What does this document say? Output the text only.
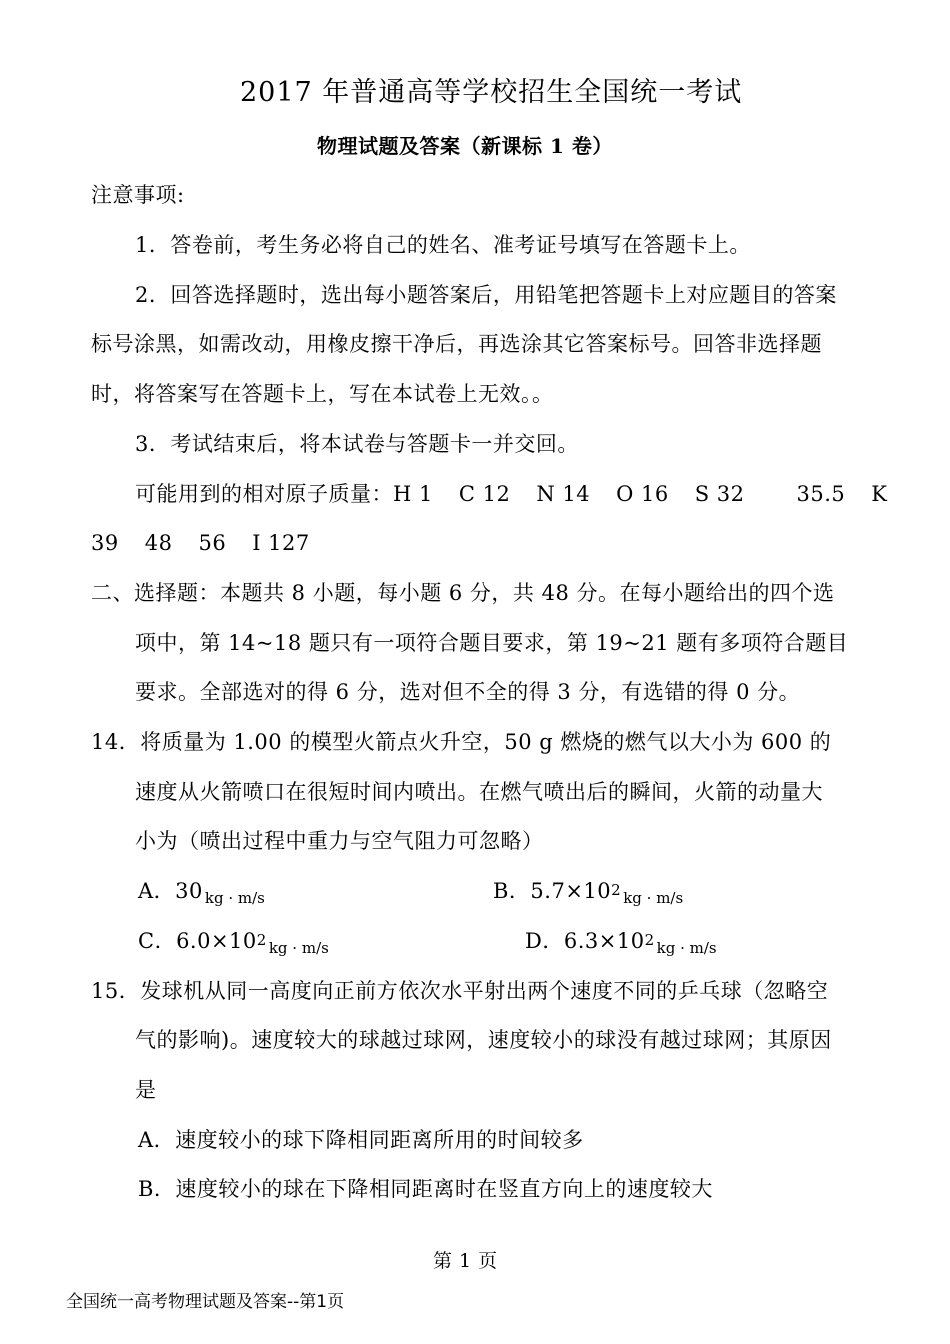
2017 年普通高等学校招生全国统一考试
物理试题及答案（新课标 1 卷）
注意事项:
1．答卷前，考生务必将自己的姓名、准考证号填写在答题卡上。
2．回答选择题时，选出每小题答案后，用铅笔把答题卡上对应题目的答案
标号涂黑，如需改动，用橡皮擦干净后，再选涂其它答案标号。回答非选择题
时，将答案写在答题卡上，写在本试卷上无效。。
3．考试结束后，将本试卷与答题卡一并交回。
可能用到的相对原子质量：H 1 C 12 N 14 O 16 S 32 35.5 K
39 48 56 I 127
二、选择题：本题共 8 小题，每小题 6 分，共 48 分。在每小题给出的四个选
项中，第 14~18 题只有一项符合题目要求，第 19~21 题有多项符合题目
要求。全部选对的得 6 分，选对但不全的得 3 分，有选错的得 0 分。
14．将质量为 1.00 的模型火箭点火升空，50 g 燃烧的燃气以大小为 600 的
速度从火箭喷口在很短时间内喷出。在燃气喷出后的瞬间，火箭的动量大
小为（喷出过程中重力与空气阻力可忽略）
A．30 $_{kg \cdot m/s}$	B．5.7×102 $_{kg \cdot m/s}$
C．6.0×102 $_{kg \cdot m/s}$	D．6.3×102 $_{kg \cdot m/s}$
15．发球机从同一高度向正前方依次水平射出两个速度不同的乒乓球（忽略空
气的影响)。速度较大的球越过球网，速度较小的球没有越过球网；其原因
是
A．速度较小的球下降相同距离所用的时间较多
B．速度较小的球在下降相同距离时在竖直方向上的速度较大
第 1 页
全国统一高考物理试题及答案--第1页
